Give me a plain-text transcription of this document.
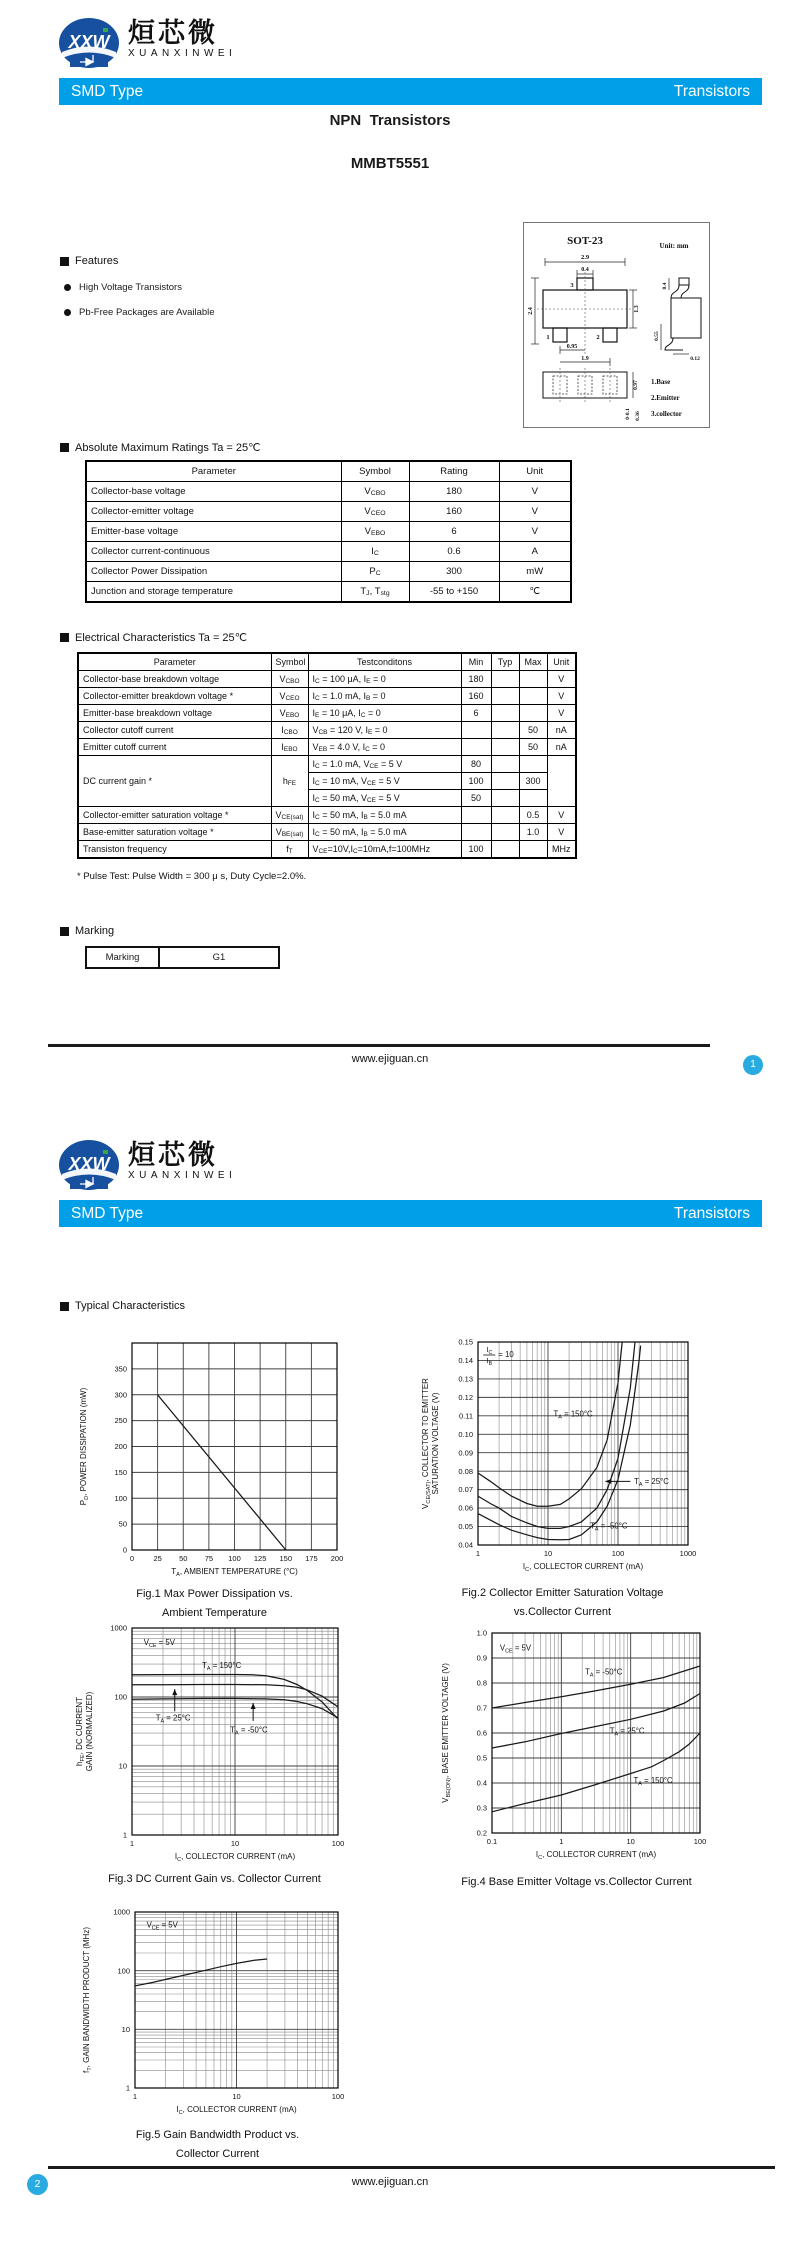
XXW 烜芯微
XUANXINWEI
SMD Type	Transistors
NPN  Transistors
MMBT5551
Features
High Voltage Transistors
Pb-Free Packages are Available
SOT-23	Unit: mm
2.9
0.4
3
1	2
2.4	1.3
0.95
1.9
0.4
0.55
0.12
0.97
0-0.1 0.36
1.Base
2.Emitter
3.collector
Absolute Maximum Ratings Ta = 25℃
Parameter	Symbol	Rating	Unit
Collector-base voltage	VCBO	180	V
Collector-emitter voltage	VCEO	160	V
Emitter-base voltage	VEBO	6	V
Collector current-continuous	IC	0.6	A
Collector Power Dissipation	PC	300	mW
Junction and storage temperature	TJ, Tstg	-55 to +150	℃
Electrical Characteristics Ta = 25℃
Parameter	Symbol	Testconditons	Min	Typ	Max	Unit
Collector-base breakdown voltage	VCBO	IC = 100 μA, IE = 0	180			V
Collector-emitter breakdown voltage *	VCEO	IC = 1.0 mA, IB = 0	160			V
Emitter-base breakdown voltage	VEBO	IE = 10 μA, IC = 0	6			V
Collector cutoff current	ICBO	VCB = 120 V, IE = 0			50	nA
Emitter cutoff current	IEBO	VEB = 4.0 V, IC = 0			50	nA
DC current gain *	hFE	IC = 1.0 mA, VCE = 5 V	80			
		IC = 10 mA, VCE = 5 V	100		300	
		IC = 50 mA, VCE = 5 V	50			
Collector-emitter saturation voltage *	VCE(sat)	IC = 50 mA, IB = 5.0 mA			0.5	V
Base-emitter saturation voltage *	VBE(sat)	IC = 50 mA, IB = 5.0 mA			1.0	V
Transiston frequency	fT	VCE=10V,IC=10mA,f=100MHz	100			MHz
* Pulse Test: Pulse Width = 300 μ s, Duty Cycle=2.0%.
Marking
Marking	G1
www.ejiguan.cn	1
XXW 烜芯微
XUANXINWEI
SMD Type	Transistors
Typical Characteristics
0	25 50 75 100 125 150 175 200
0
50
100
150
200
250
300
350
$T_A$, AMBIENT TEMPERATURE (°C)
$P_D$, POWER DISSIPATION (mW)
Fig.1 Max Power Dissipation vs.
Ambient Temperature
1	10	100	1000
0.04
0.05
0.06
0.07
0.08
0.09
0.10
0.11
0.12
0.13
0.14
0.15
$I_C$, COLLECTOR CURRENT (mA)
$V_{CE(SAT)}$, COLLECTOR TO EMITTER SATURATION VOLTAGE (V)
$I_C$
$I_B$
= 10
$T_A = 150^\circ C$
$T_A = 25^\circ C$
$T_A = -50^\circ C$
Fig.2 Collector Emitter Saturation Voltage
vs.Collector Current
1	10	100
1
10
100
1000
$I_C$, COLLECTOR CURRENT (mA)
$h_{FE}$, DC CURRENT GAIN (NORMALIZED)
$V_{CE} = 5V$
$T_A = 150^\circ C$
$T_A = 25^\circ C$
$T_A = -50^\circ C$
Fig.3 DC Current Gain vs. Collector Current
0.1	1	10	100
0.2
0.3
0.4
0.5
0.6
0.7
0.8
0.9
1.0
$I_C$, COLLECTOR CURRENT (mA)
$V_{BE(ON)}$, BASE EMITTER VOLTAGE (V)
$V_{CE} = 5V$
$T_A = -50^\circ C$
$T_A = 25^\circ C$
$T_A = 150^\circ C$
Fig.4 Base Emitter Voltage vs.Collector Current
1	10	100
1
10
100
1000
$I_C$, COLLECTOR CURRENT (mA)
$f_T$, GAIN BANDWIDTH PRODUCT (MHz)
$V_{CE} = 5V$
Fig.5 Gain Bandwidth Product vs.
Collector Current
www.ejiguan.cn
2
